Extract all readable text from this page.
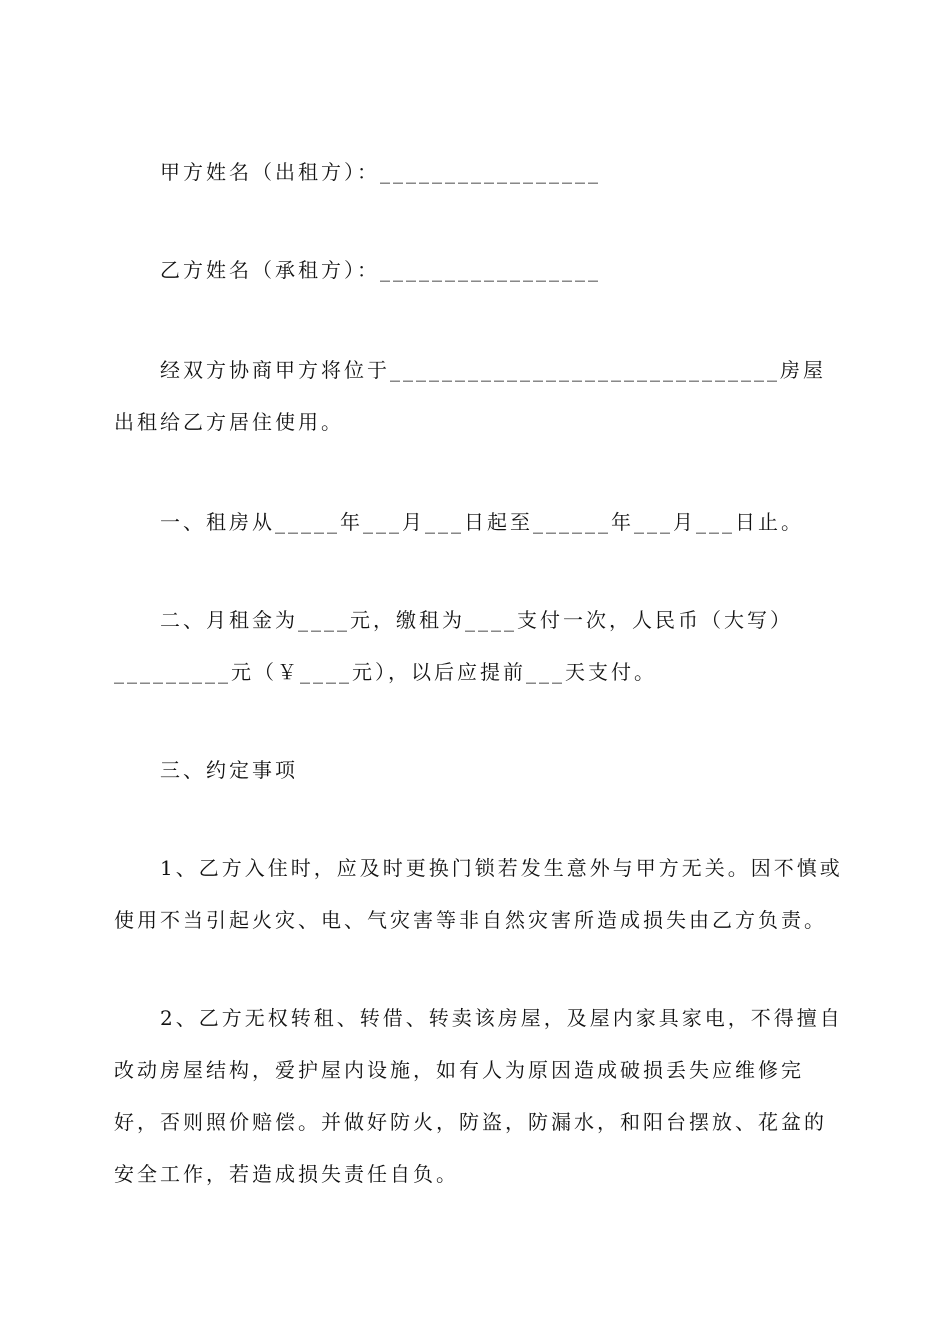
甲方姓名（出租方）：_________________

乙方姓名（承租方）：_________________

经双方协商甲方将位于______________________________房屋出租给乙方居住使用。

一、租房从_____年___月___日起至______年___月___日止。

二、月租金为____元，缴租为____支付一次，人民币（大写）_________元（￥____元），以后应提前___天支付。

三、约定事项

1、乙方入住时，应及时更换门锁若发生意外与甲方无关。因不慎或使用不当引起火灾、电、气灾害等非自然灾害所造成损失由乙方负责。

2、乙方无权转租、转借、转卖该房屋，及屋内家具家电，不得擅自改动房屋结构，爱护屋内设施，如有人为原因造成破损丢失应维修完好，否则照价赔偿。并做好防火，防盗，防漏水，和阳台摆放、花盆的安全工作，若造成损失责任自负。
